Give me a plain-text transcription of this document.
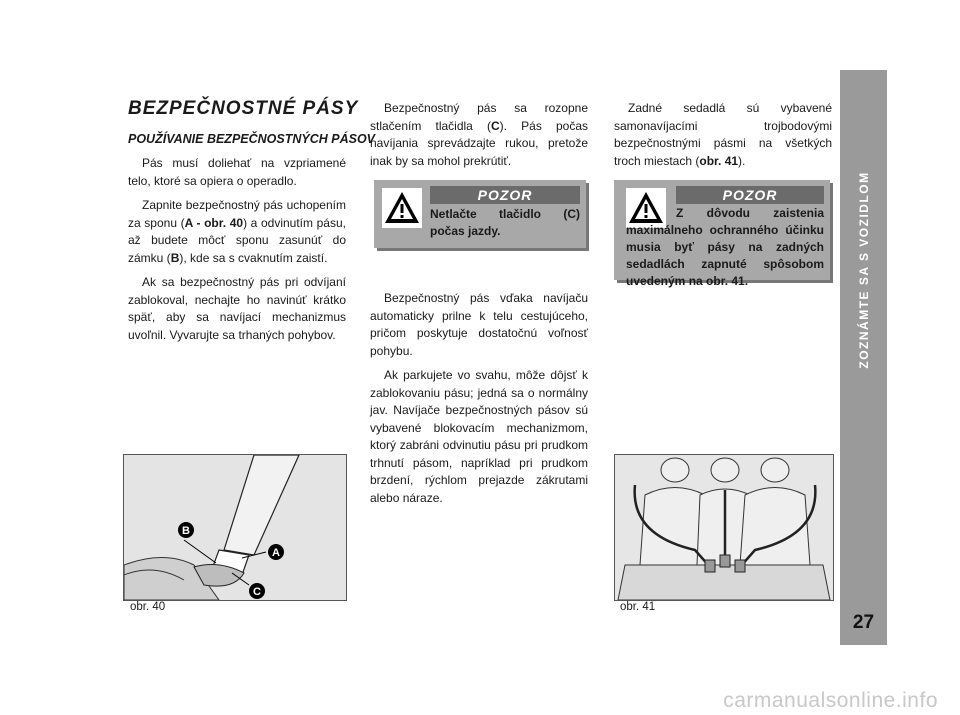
BEZPEČNOSTNÉ PÁSY
POUŽÍVANIE BEZPEČNOSTNÝCH PÁSOV

Pás musí doliehať na vzpriamené telo, ktoré sa opiera o operadlo.

Zapnite bezpečnostný pás uchopením za sponu (A - obr. 40) a odvinutím pásu, až budete môcť sponu zasunúť do zámku (B), kde sa s cvaknutím zaistí.

Ak sa bezpečnostný pás pri odvíjaní zablokoval, nechajte ho navinúť krátko späť, aby sa navíjací mechanizmus uvoľnil. Vyvarujte sa trhaných pohybov.

Bezpečnostný pás sa rozopne stlačením tlačidla (C). Pás počas navíjania sprevádzajte rukou, pretože inak by sa mohol prekrútiť.

POZOR
Netlačte tlačidlo (C) počas jazdy.

Bezpečnostný pás vďaka navíjaču automaticky prilne k telu cestujúceho, pričom poskytuje dostatočnú voľnosť pohybu.

Ak parkujete vo svahu, môže dôjsť k zablokovaniu pásu; jedná sa o normálny jav. Navíjače bezpečnostných pásov sú vybavené blokovacím mechanizmom, ktorý zabráni odvinutiu pásu pri prudkom trhnutí pásom, napríklad pri prudkom brzdení, rýchlom prejazde zákrutami alebo náraze.

Zadné sedadlá sú vybavené samonavíjacími trojbodovými bezpečnostnými pásmi na všetkých troch miestach (obr. 41).

POZOR
Z dôvodu zaistenia maximálneho ochranného účinku musia byť pásy na zadných sedadlách zapnuté spôsobom uvedeným na obr. 41.
B
A
C
obr. 40	obr. 41
ZOZNÁMTE SA S VOZIDLOM
27
carmanualsonline.info
